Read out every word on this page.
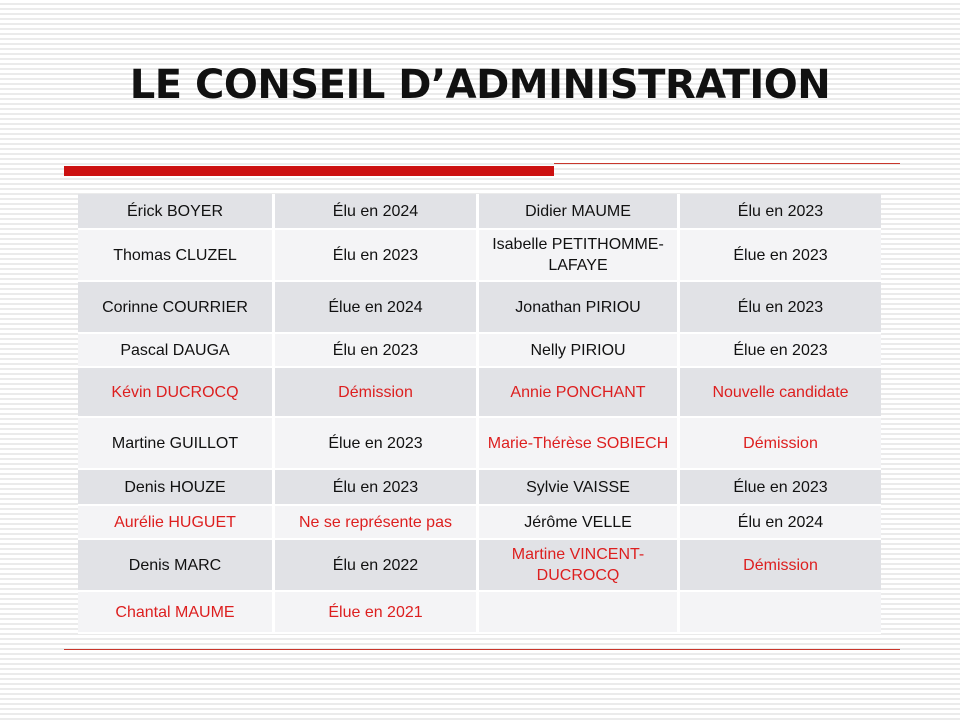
LE CONSEIL D’ADMINISTRATION
Érick BOYER	Élu en 2024	Didier MAUME	Élu en 2023
Thomas CLUZEL	Élu en 2023	Isabelle PETITHOMME-LAFAYE	Élue en 2023
Corinne COURRIER	Élue en 2024	Jonathan PIRIOU	Élu en 2023
Pascal DAUGA	Élu en 2023	Nelly PIRIOU	Élue en 2023
Kévin DUCROCQ	Démission	Annie PONCHANT	Nouvelle candidate
Martine GUILLOT	Élue en 2023	Marie-Thérèse SOBIECH	Démission
Denis HOUZE	Élu en 2023	Sylvie VAISSE	Élue en 2023
Aurélie HUGUET	Ne se représente pas	Jérôme VELLE	Élu en 2024
Denis MARC	Élu en 2022	Martine VINCENT-DUCROCQ	Démission
Chantal MAUME	Élue en 2021		
